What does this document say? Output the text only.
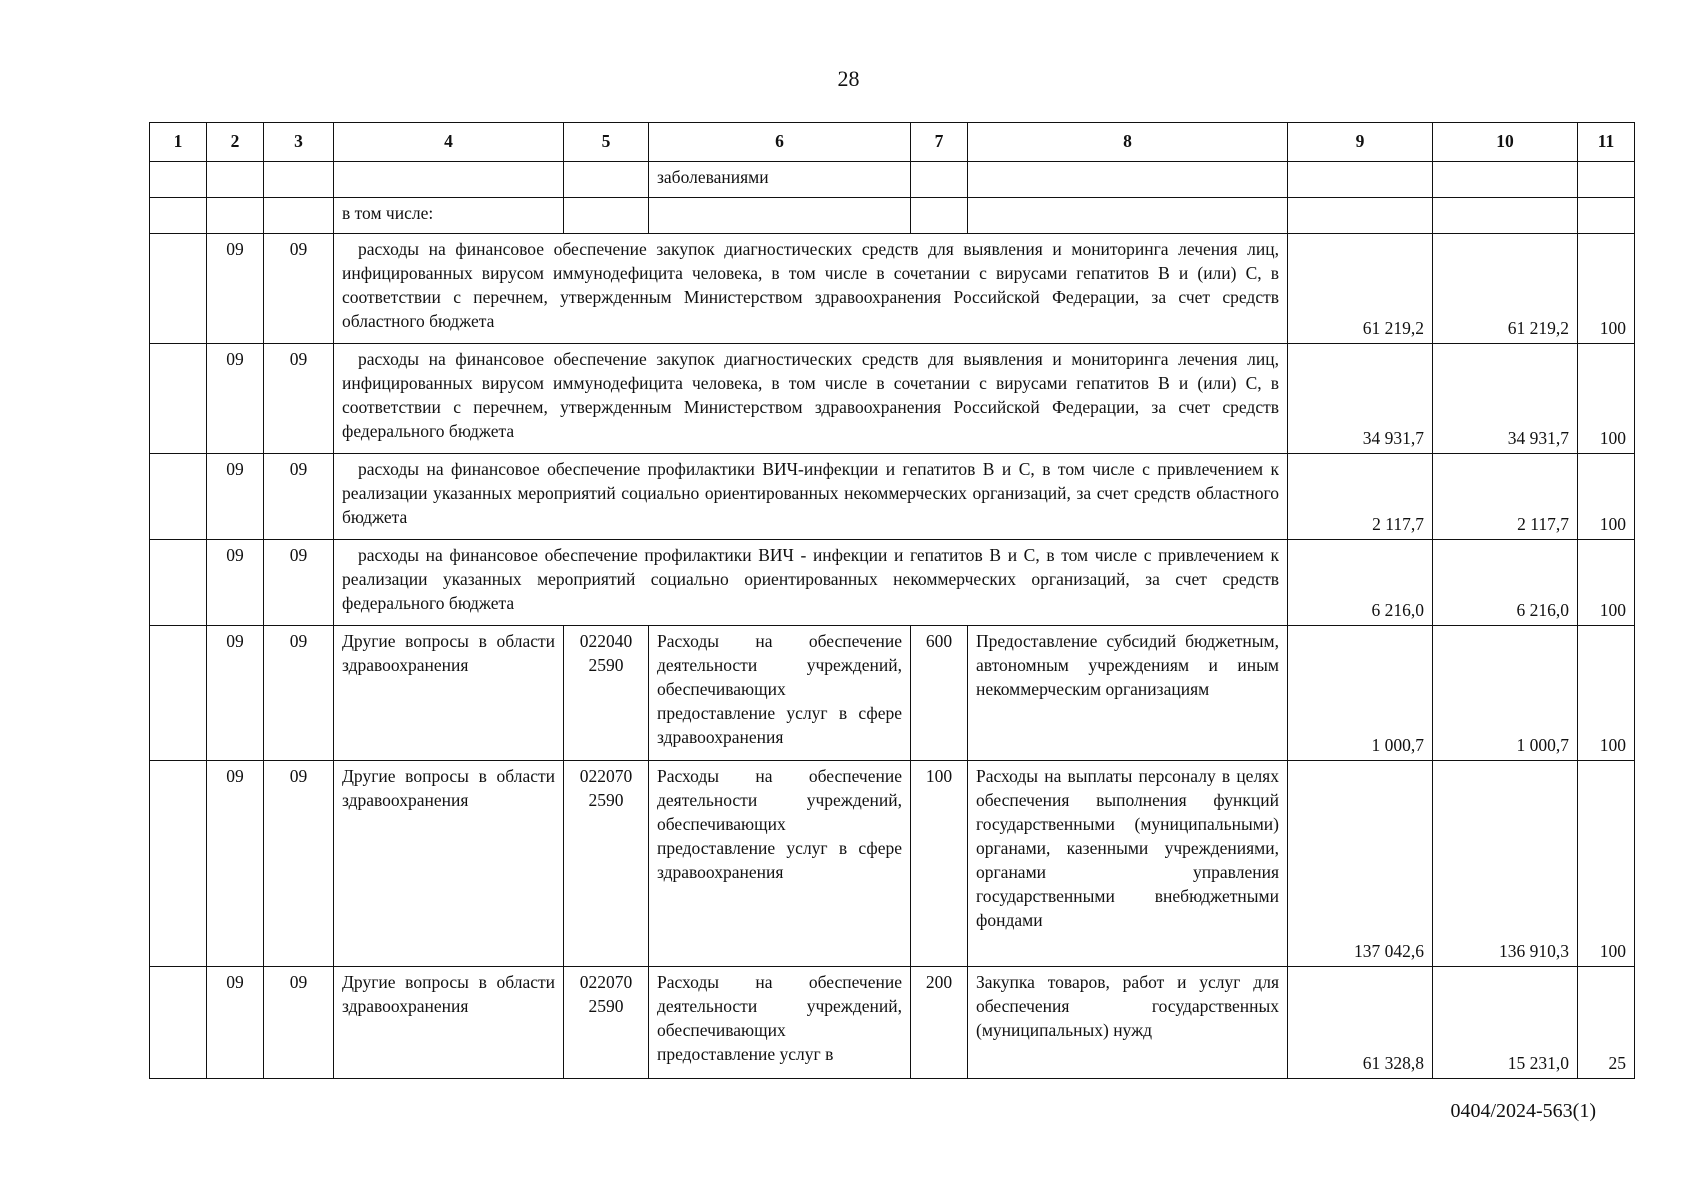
28
1	2	3	4	5	6	7	8	9	10	11
					заболеваниями					
			в том числе:							
	09	09	расходы на финансовое обеспечение закупок диагностических средств для выявления и мониторинга лечения лиц, инфицированных вирусом иммунодефицита человека, в том числе в сочетании с вирусами гепатитов B и (или) C, в соответствии с перечнем, утвержденным Министерством здравоохранения Российской Федерации, за счет средств областного бюджета					61 219,2	61 219,2	100
	09	09	расходы на финансовое обеспечение закупок диагностических средств для выявления и мониторинга лечения лиц, инфицированных вирусом иммунодефицита человека, в том числе в сочетании с вирусами гепатитов B и (или) C, в соответствии с перечнем, утвержденным Министерством здравоохранения Российской Федерации, за счет средств федерального бюджета					34 931,7	34 931,7	100
	09	09	расходы на финансовое обеспечение профилактики ВИЧ-инфекции и гепатитов B и C, в том числе с привлечением к реализации указанных мероприятий социально ориентированных некоммерческих организаций, за счет средств областного бюджета					2 117,7	2 117,7	100
	09	09	расходы на финансовое обеспечение профилактики ВИЧ - инфекции и гепатитов B и C, в том числе с привлечением к реализации указанных мероприятий социально ориентированных некоммерческих организаций, за счет средств федерального бюджета					6 216,0	6 216,0	100
	09	09	Другие вопросы в области здравоохранения	022040 2590	Расходы на обеспечение деятельности учреждений, обеспечивающих предоставление услуг в сфере здравоохранения	600	Предоставление субсидий бюджетным, автономным учреждениям и иным некоммерческим организациям	1 000,7	1 000,7	100
	09	09	Другие вопросы в области здравоохранения	022070 2590	Расходы на обеспечение деятельности учреждений, обеспечивающих предоставление услуг в сфере здравоохранения	100	Расходы на выплаты персоналу в целях обеспечения выполнения функций государственными (муниципальными) органами, казенными учреждениями, органами управления государственными внебюджетными фондами	137 042,6	136 910,3	100
	09	09	Другие вопросы в области здравоохранения	022070 2590	Расходы на обеспечение деятельности учреждений, обеспечивающих предоставление услуг в	200	Закупка товаров, работ и услуг для обеспечения государственных (муниципальных) нужд	61 328,8	15 231,0	25
0404/2024-563(1)
